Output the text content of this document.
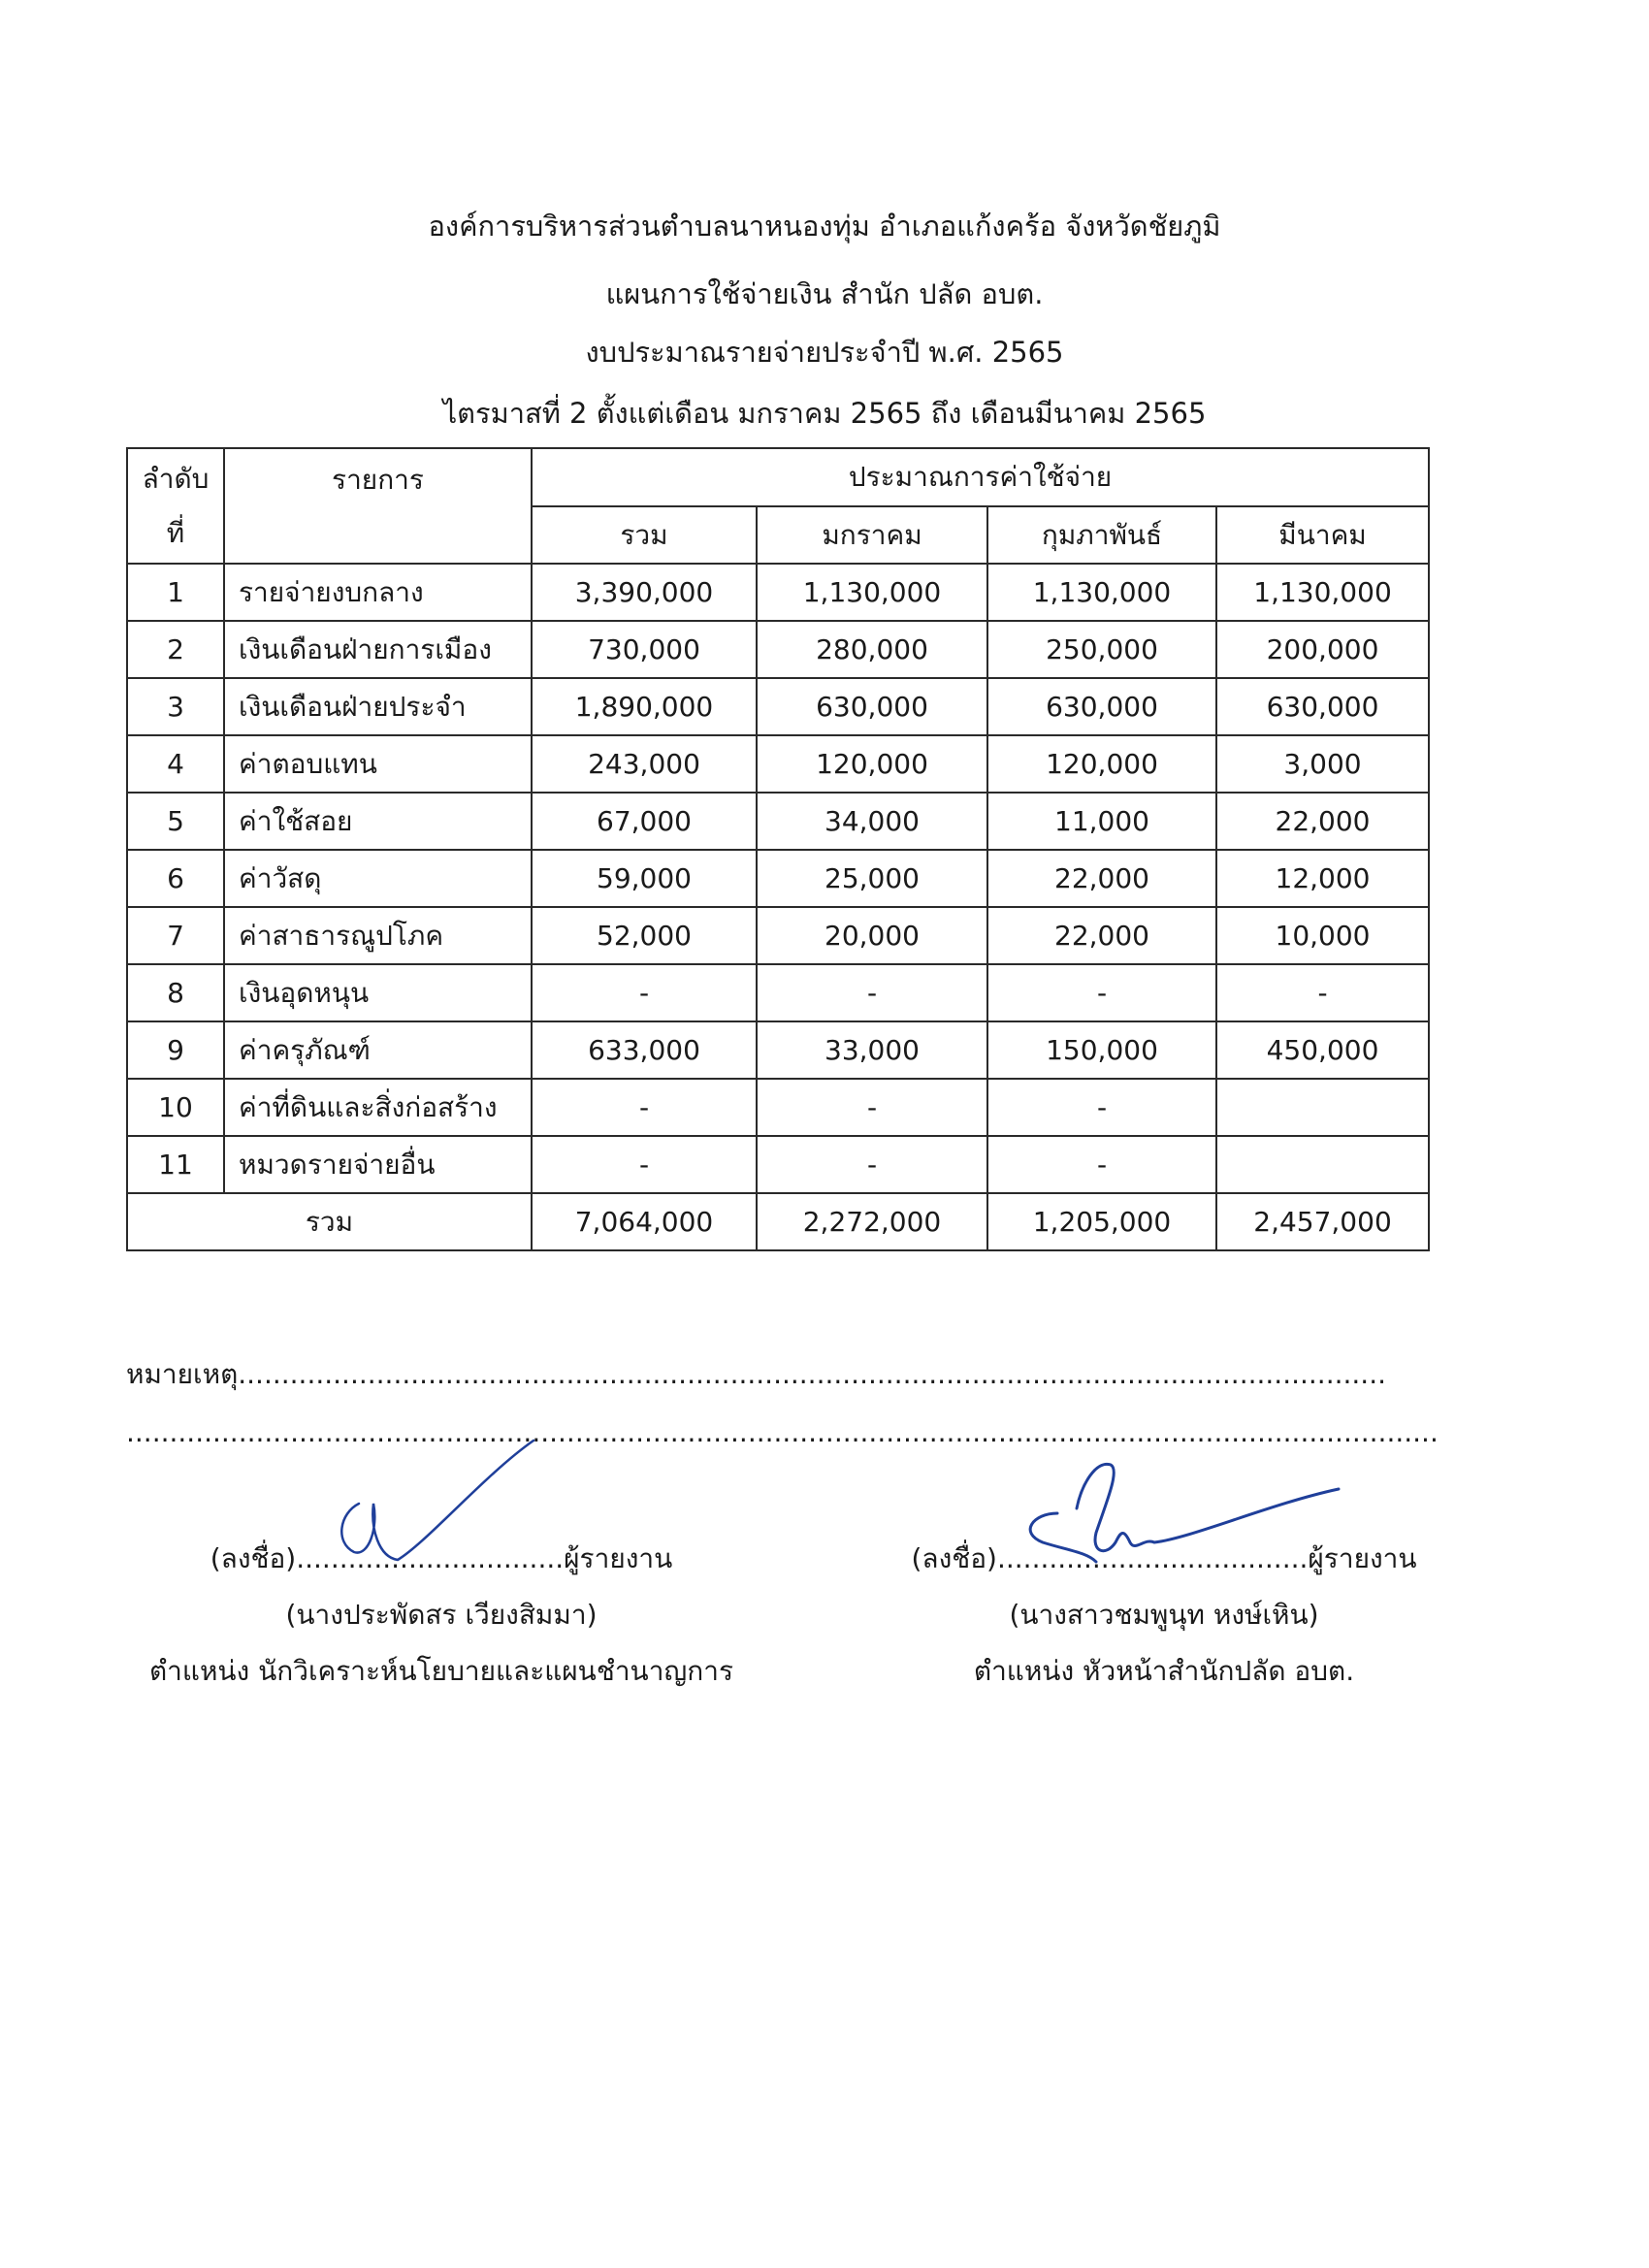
องค์การบริหารส่วนตำบลนาหนองทุ่ม อำเภอแก้งคร้อ จังหวัดชัยภูมิ
แผนการใช้จ่ายเงิน สำนัก ปลัด อบต.
งบประมาณรายจ่ายประจำปี พ.ศ. 2565
ไตรมาสที่ 2 ตั้งแต่เดือน มกราคม 2565 ถึง เดือนมีนาคม 2565
ลำดับ
ที่	รายการ	ประมาณการค่าใช้จ่าย			
		รวม	มกราคม	กุมภาพันธ์	มีนาคม
1	รายจ่ายงบกลาง	3,390,000	1,130,000	1,130,000	1,130,000
2	เงินเดือนฝ่ายการเมือง	730,000	280,000	250,000	200,000
3	เงินเดือนฝ่ายประจำ	1,890,000	630,000	630,000	630,000
4	ค่าตอบแทน	243,000	120,000	120,000	3,000
5	ค่าใช้สอย	67,000	34,000	11,000	22,000
6	ค่าวัสดุ	59,000	25,000	22,000	12,000
7	ค่าสาธารณูปโภค	52,000	20,000	22,000	10,000
8	เงินอุดหนุน	-	-	-	-
9	ค่าครุภัณฑ์	633,000	33,000	150,000	450,000
10	ค่าที่ดินและสิ่งก่อสร้าง	-	-	-	
11	หมวดรายจ่ายอื่น	-	-	-	
รวม		7,064,000	2,272,000	1,205,000	2,457,000
หมายเหตุ.....................................................................................................................................
........................................................................................................................................................
(ลงชื่อ)...............................ผู้รายงาน
(นางประพัดสร เวียงสิมมา)
ตำแหน่ง นักวิเคราะห์นโยบายและแผนชำนาญการ
(ลงชื่อ)....................................ผู้รายงาน
(นางสาวชมพูนุท หงษ์เหิน)
ตำแหน่ง หัวหน้าสำนักปลัด อบต.
